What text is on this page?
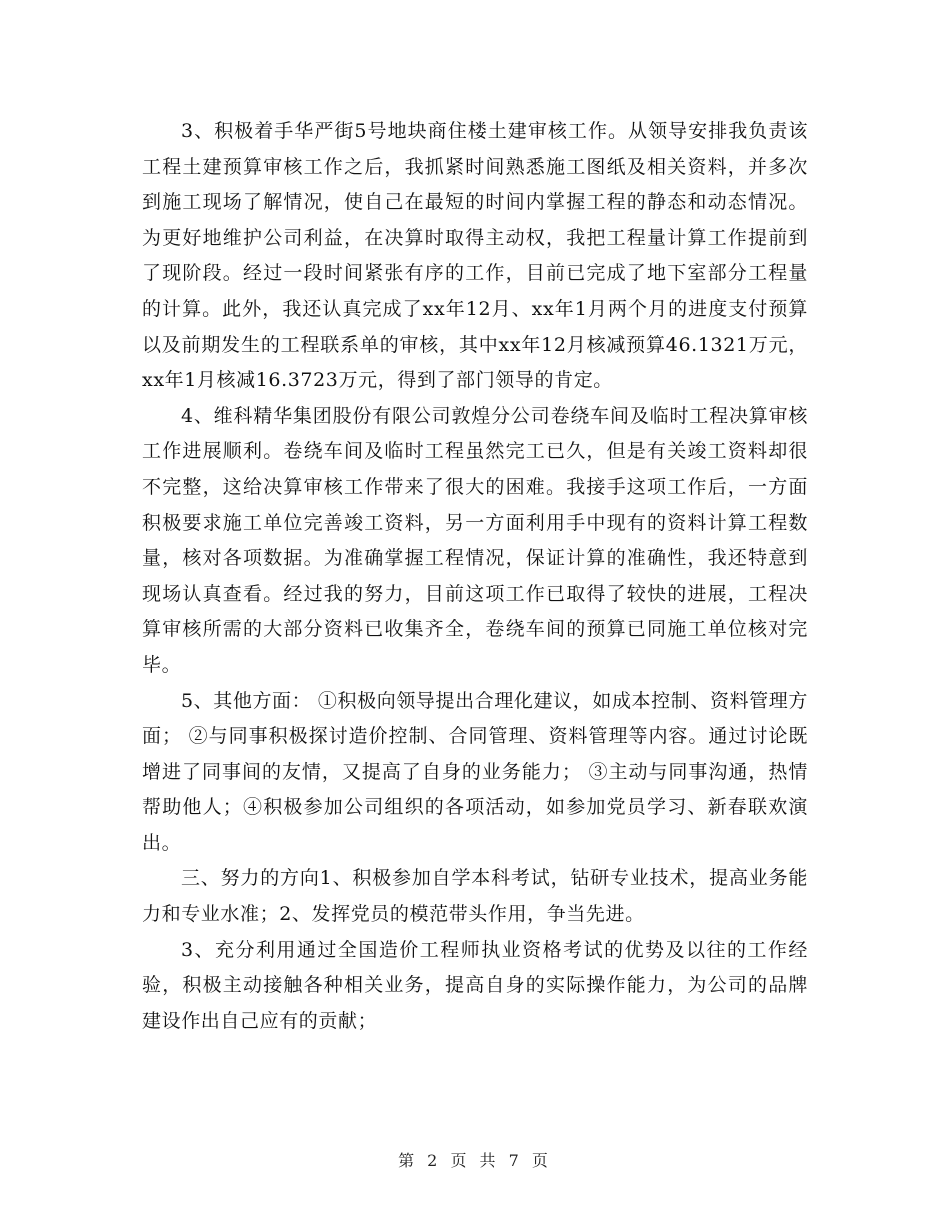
3、积极着手华严街5号地块商住楼土建审核工作。从领导安排我负责该工程土建预算审核工作之后，我抓紧时间熟悉施工图纸及相关资料，并多次到施工现场了解情况，使自己在最短的时间内掌握工程的静态和动态情况。为更好地维护公司利益，在决算时取得主动权，我把工程量计算工作提前到了现阶段。经过一段时间紧张有序的工作，目前已完成了地下室部分工程量的计算。此外，我还认真完成了xx年12月、xx年1月两个月的进度支付预算以及前期发生的工程联系单的审核，其中xx年12月核减预算46.1321万元，xx年1月核减16.3723万元，得到了部门领导的肯定。

4、维科精华集团股份有限公司敦煌分公司卷绕车间及临时工程决算审核工作进展顺利。卷绕车间及临时工程虽然完工已久，但是有关竣工资料却很不完整，这给决算审核工作带来了很大的困难。我接手这项工作后，一方面积极要求施工单位完善竣工资料，另一方面利用手中现有的资料计算工程数量，核对各项数据。为准确掌握工程情况，保证计算的准确性，我还特意到现场认真查看。经过我的努力，目前这项工作已取得了较快的进展，工程决算审核所需的大部分资料已收集齐全，卷绕车间的预算已同施工单位核对完毕。

5、其他方面： ①积极向领导提出合理化建议，如成本控制、资料管理方面； ②与同事积极探讨造价控制、合同管理、资料管理等内容。通过讨论既增进了同事间的友情，又提高了自身的业务能力； ③主动与同事沟通，热情帮助他人；④积极参加公司组织的各项活动，如参加党员学习、新春联欢演出。

三、努力的方向1、积极参加自学本科考试，钻研专业技术，提高业务能力和专业水准；2、发挥党员的模范带头作用，争当先进。

3、充分利用通过全国造价工程师执业资格考试的优势及以往的工作经验，积极主动接触各种相关业务，提高自身的实际操作能力，为公司的品牌建设作出自己应有的贡献；

第 2 页 共 7 页
